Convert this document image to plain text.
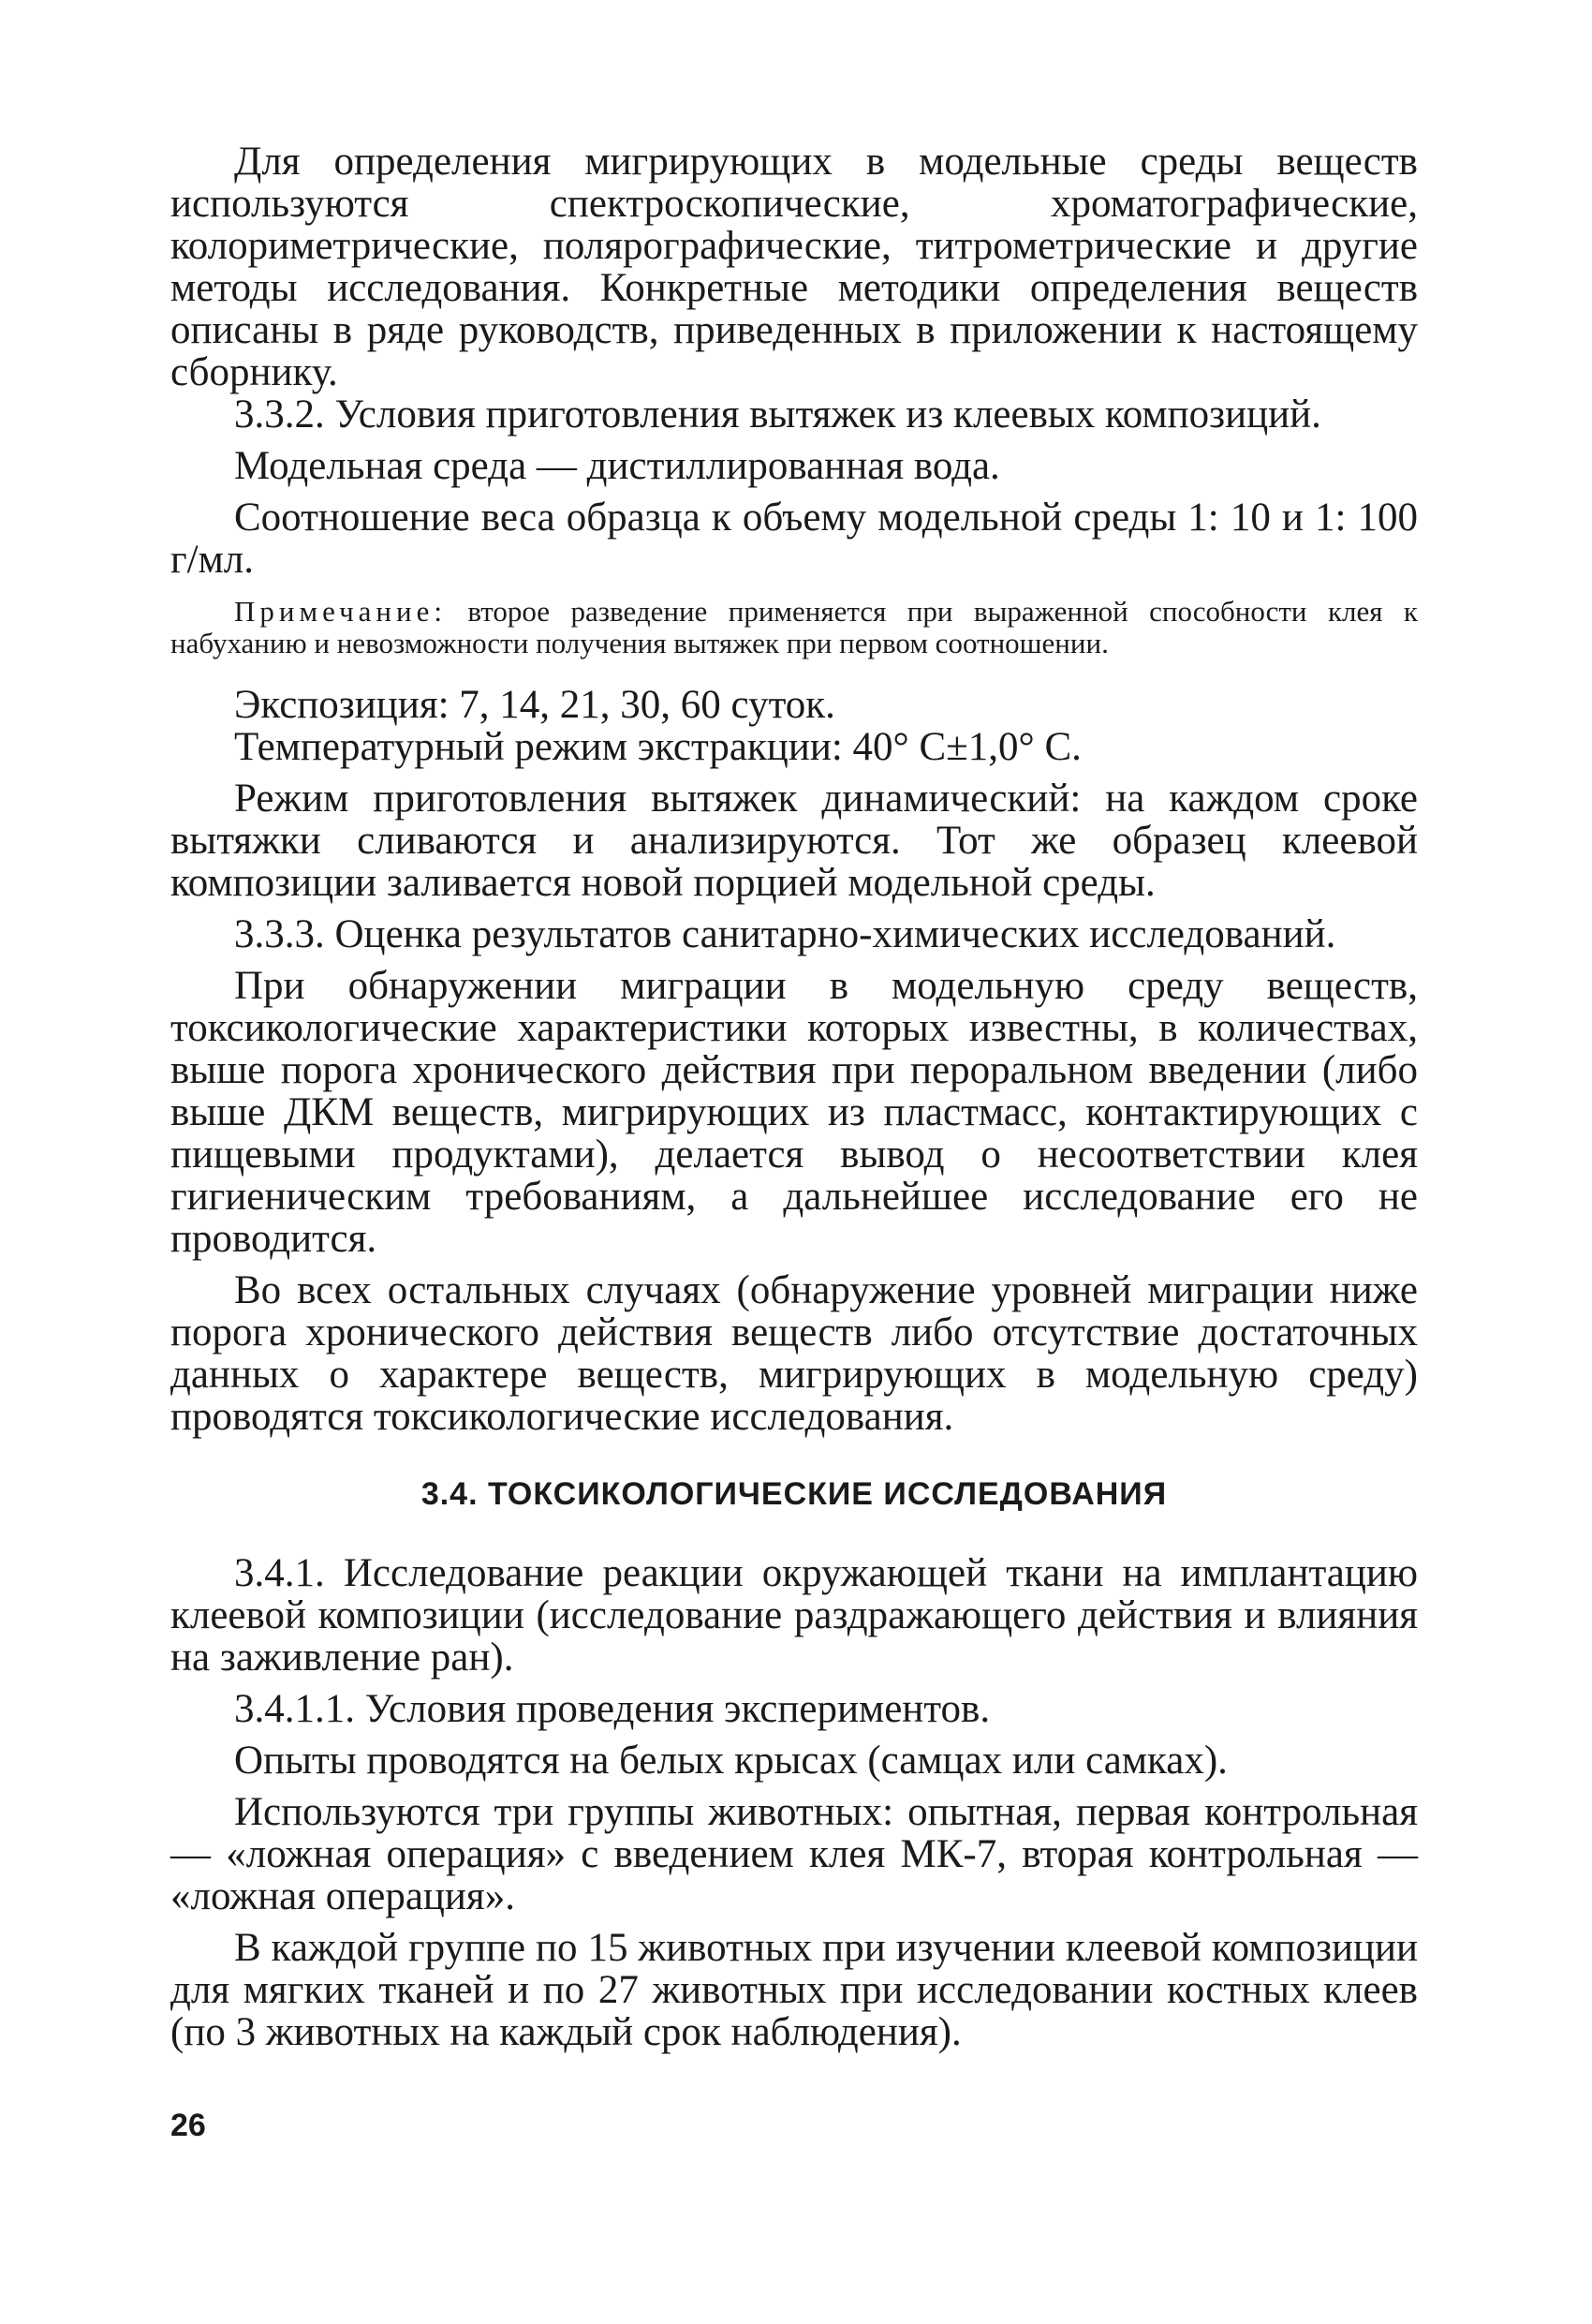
Для определения мигрирующих в модельные среды веществ используются спектроскопические, хроматографические, колориметрические, полярографические, титрометрические и другие методы исследования. Конкретные методики определения веществ описаны в ряде руководств, приведенных в приложении к настоящему сборнику.

3.3.2. Условия приготовления вытяжек из клеевых композиций.

Модельная среда — дистиллированная вода.

Соотношение веса образца к объему модельной среды 1: 10 и 1: 100 г/мл.

Примечание: второе разведение применяется при выраженной способности клея к набуханию и невозможности получения вытяжек при первом соотношении.

Экспозиция: 7, 14, 21, 30, 60 суток.

Температурный режим экстракции: 40° С±1,0° С.

Режим приготовления вытяжек динамический: на каждом сроке вытяжки сливаются и анализируются. Тот же образец клеевой композиции заливается новой порцией модельной среды.

3.3.3. Оценка результатов санитарно-химических исследований.

При обнаружении миграции в модельную среду веществ, токсикологические характеристики которых известны, в количествах, выше порога хронического действия при пероральном введении (либо выше ДКМ веществ, мигрирующих из пластмасс, контактирующих с пищевыми продуктами), делается вывод о несоответствии клея гигиеническим требованиям, а дальнейшее исследование его не проводится.

Во всех остальных случаях (обнаружение уровней миграции ниже порога хронического действия веществ либо отсутствие достаточных данных о характере веществ, мигрирующих в модельную среду) проводятся токсикологические исследования.

3.4. ТОКСИКОЛОГИЧЕСКИЕ ИССЛЕДОВАНИЯ

3.4.1. Исследование реакции окружающей ткани на имплантацию клеевой композиции (исследование раздражающего действия и влияния на заживление ран).

3.4.1.1. Условия проведения экспериментов.

Опыты проводятся на белых крысах (самцах или самках).

Используются три группы животных: опытная, первая контрольная — «ложная операция» с введением клея МК-7, вторая контрольная — «ложная операция».

В каждой группе по 15 животных при изучении клеевой композиции для мягких тканей и по 27 животных при исследовании костных клеев (по 3 животных на каждый срок наблюдения).

26
